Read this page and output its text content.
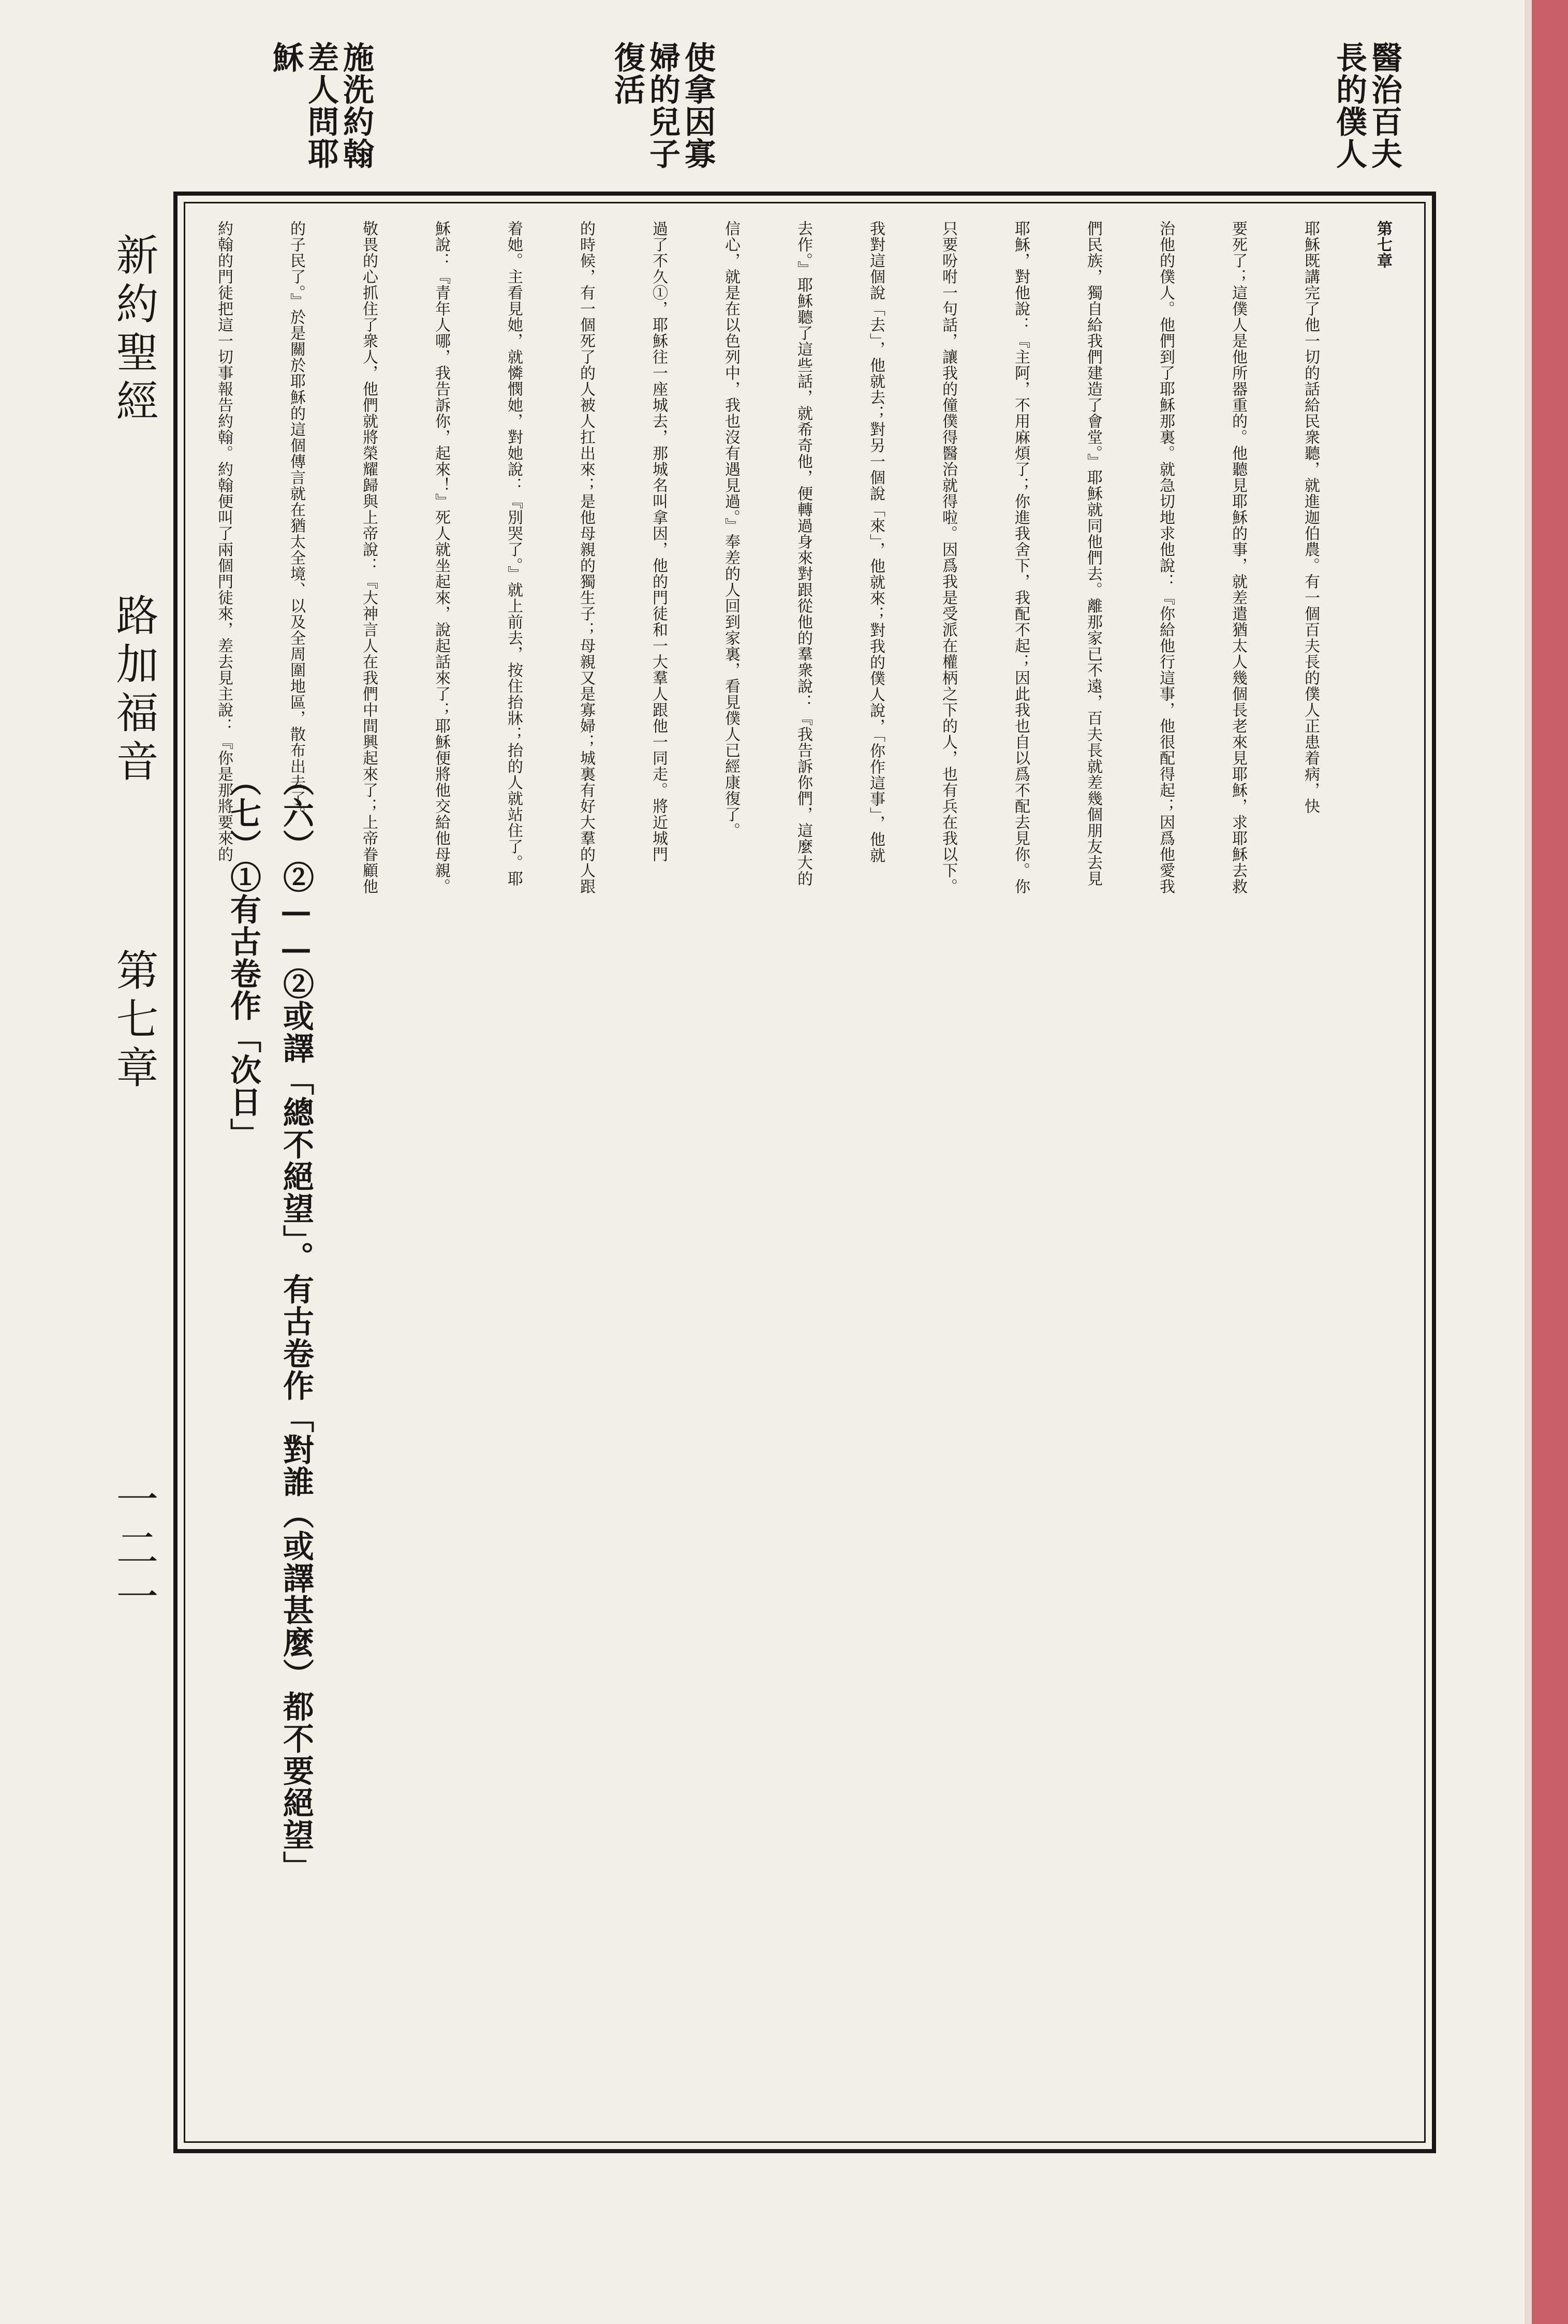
醫治百夫
長的僕人
使拿因寡
婦的兒子
復活
施洗約翰
差人問耶
穌
新約聖經路加福音第七章一二一
第七章
耶穌既講完了他一切的話給民衆聽，就進迦伯農。有一個百夫長的僕人正患着病，快
要死了；這僕人是他所器重的。他聽見耶穌的事，就差遣猶太人幾個長老來見耶穌，求耶穌去救
治他的僕人。他們到了耶穌那裏。就急切地求他說：『你給他行這事，他很配得起；因爲他愛我
們民族，獨自給我們建造了會堂。』耶穌就同他們去。離那家已不遠，百夫長就差幾個朋友去見
耶穌，對他說：『主阿，不用麻煩了；你進我舍下，我配不起；因此我也自以爲不配去見你。你
只要吩咐一句話，讓我的僮僕得醫治就得啦。因爲我是受派在權柄之下的人，也有兵在我以下。
我對這個說「去」，他就去；對另一個說「來」，他就來；對我的僕人說，「你作這事」，他就
去作。』耶穌聽了這些話，就希奇他，便轉過身來對跟從他的羣衆說：『我告訴你們，這麼大的
信心，就是在以色列中，我也沒有遇見過。』奉差的人回到家裏，看見僕人已經康復了。
過了不久①，耶穌往一座城去，那城名叫拿因，他的門徒和一大羣人跟他一同走。將近城門
的時候，有一個死了的人被人扛出來；是他母親的獨生子；母親又是寡婦；城裏有好大羣的人跟
着她。主看見她，就憐憫她，對她說：『別哭了。』就上前去，按住抬牀；抬的人就站住了。耶
穌說：『青年人哪，我告訴你，起來！』死人就坐起來，說起話來了；耶穌便將他交給他母親。
敬畏的心抓住了衆人，他們就將榮耀歸與上帝說：『大神言人在我們中間興起來了；上帝眷顧他
的子民了。』於是關於耶穌的這個傳言就在猶太全境、以及全周圍地區，散布出去了。
約翰的門徒把這一切事報告約翰。約翰便叫了兩個門徒來，差去見主說：『你是那將要來的
（六）②——②或譯「總不絕望」。有古卷作「對誰（或譯甚麼）都不要絕望」
（七）①有古卷作「次日」
